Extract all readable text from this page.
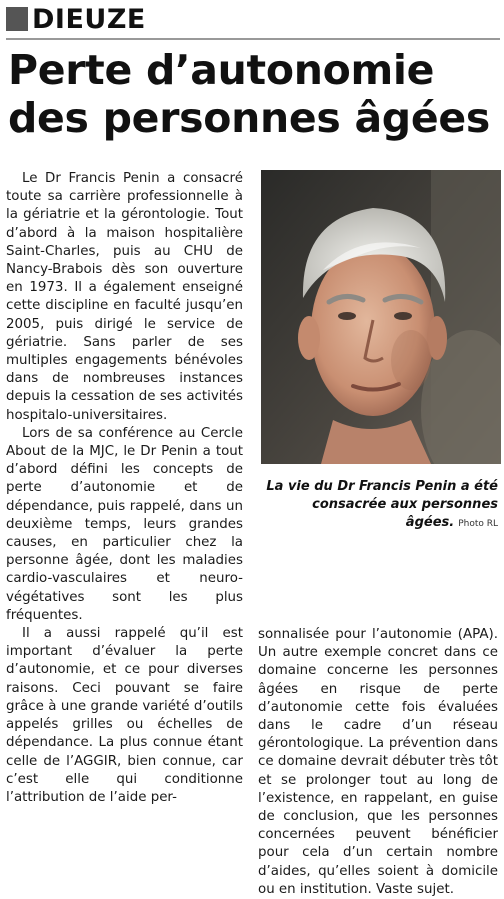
DIEUZE
Perte d’autonomie
des personnes âgées

Le Dr Francis Penin a consacré toute sa carrière professionnelle à la gériatrie et la gérontologie. Tout d’abord à la maison hospitalière Saint-Charles, puis au CHU de Nancy-Brabois dès son ouverture en 1973. Il a également enseigné cette discipline en faculté jusqu’en 2005, puis dirigé le service de gériatrie. Sans parler de ses multiples engagements bénévoles dans de nombreuses instances depuis la cessation de ses activités hospitalo-universitaires.

Lors de sa conférence au Cercle About de la MJC, le Dr Penin a tout d’abord défini les concepts de perte d’autonomie et de dépendance, puis rappelé, dans un deuxième temps, leurs grandes causes, en particulier chez la personne âgée, dont les maladies cardio-vasculaires et neuro-végétatives sont les plus fréquentes.

Il a aussi rappelé qu’il est important d’évaluer la perte d’autonomie, et ce pour diverses raisons. Ceci pouvant se faire grâce à une grande variété d’outils appelés grilles ou échelles de dépendance. La plus connue étant celle de l’AGGIR, bien connue, car c’est elle qui conditionne l’attribution de l’aide per-

La vie du Dr Francis Penin a été consacrée aux personnes âgées. Photo RL

sonnalisée pour l’autonomie (APA). Un autre exemple concret dans ce domaine concerne les personnes âgées en risque de perte d’autonomie cette fois évaluées dans le cadre d’un réseau gérontologique. La prévention dans ce domaine devrait débuter très tôt et se prolonger tout au long de l’existence, en rappelant, en guise de conclusion, que les personnes concernées peuvent bénéficier pour cela d’un certain nombre d’aides, qu’elles soient à domicile ou en institution. Vaste sujet.
